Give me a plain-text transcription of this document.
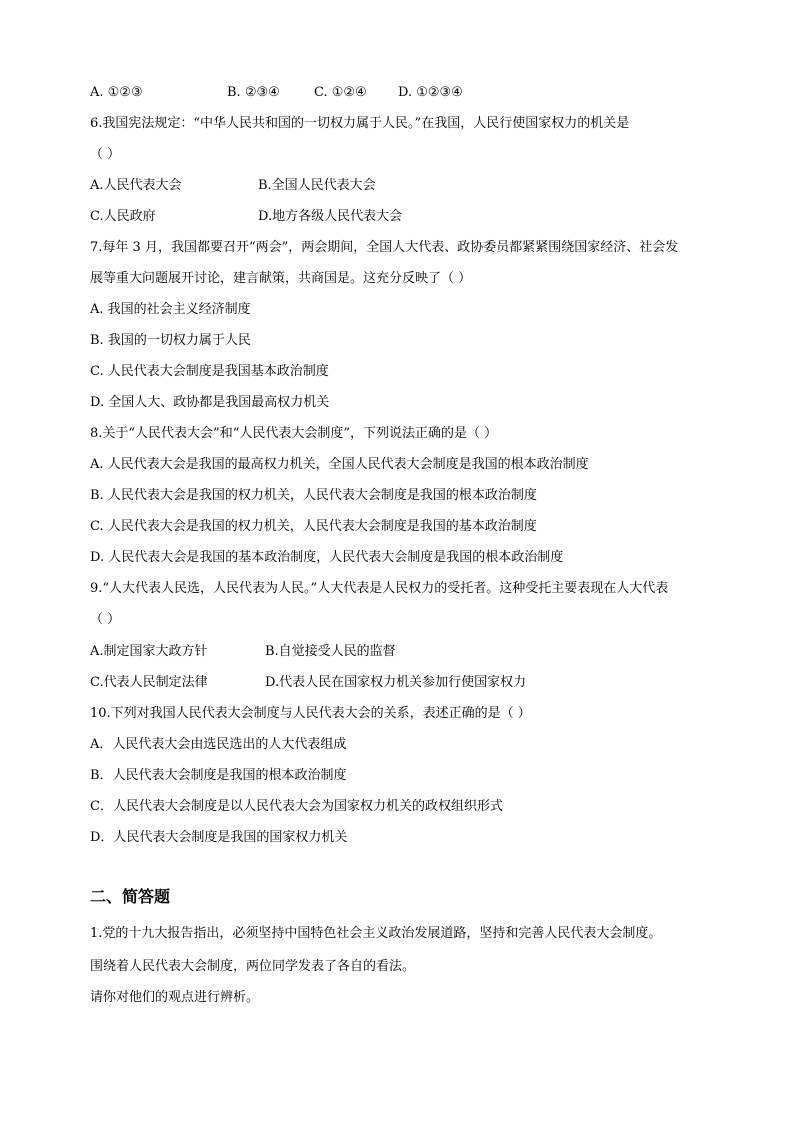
A. ①②③	B. ②③④	C. ①②④ D. ①②③④
6.我国宪法规定：“中华人民共和国的一切权力属于人民。”在我国，人民行使国家权力的机关是
（ ）
A.人民代表大会	B.全国人民代表大会
C.人民政府	D.地方各级人民代表大会
7.每年 3 月，我国都要召开“两会”，两会期间，全国人大代表、政协委员都紧紧围绕国家经济、社会发
展等重大问题展开讨论，建言献策，共商国是。这充分反映了（ ）
A. 我国的社会主义经济制度
B. 我国的一切权力属于人民
C. 人民代表大会制度是我国基本政治制度
D. 全国人大、政协都是我国最高权力机关
8.关于“人民代表大会”和“人民代表大会制度”，下列说法正确的是（ ）
A. 人民代表大会是我国的最高权力机关，全国人民代表大会制度是我国的根本政治制度
B. 人民代表大会是我国的权力机关，人民代表大会制度是我国的根本政治制度
C. 人民代表大会是我国的权力机关，人民代表大会制度是我国的基本政治制度
D. 人民代表大会是我国的基本政治制度，人民代表大会制度是我国的根本政治制度
9.“人大代表人民选，人民代表为人民。”人大代表是人民权力的受托者。这种受托主要表现在人大代表
（ ）
A.制定国家大政方针	B.自觉接受人民的监督
C.代表人民制定法律	D.代表人民在国家权力机关参加行使国家权力
10.下列对我国人民代表大会制度与人民代表大会的关系，表述正确的是（ ）
A．人民代表大会由选民选出的人大代表组成
B．人民代表大会制度是我国的根本政治制度
C．人民代表大会制度是以人民代表大会为国家权力机关的政权组织形式
D．人民代表大会制度是我国的国家权力机关
二、简答题
1.党的十九大报告指出，必须坚持中国特色社会主义政治发展道路，坚持和完善人民代表大会制度。
围绕着人民代表大会制度，两位同学发表了各自的看法。
请你对他们的观点进行辨析。
